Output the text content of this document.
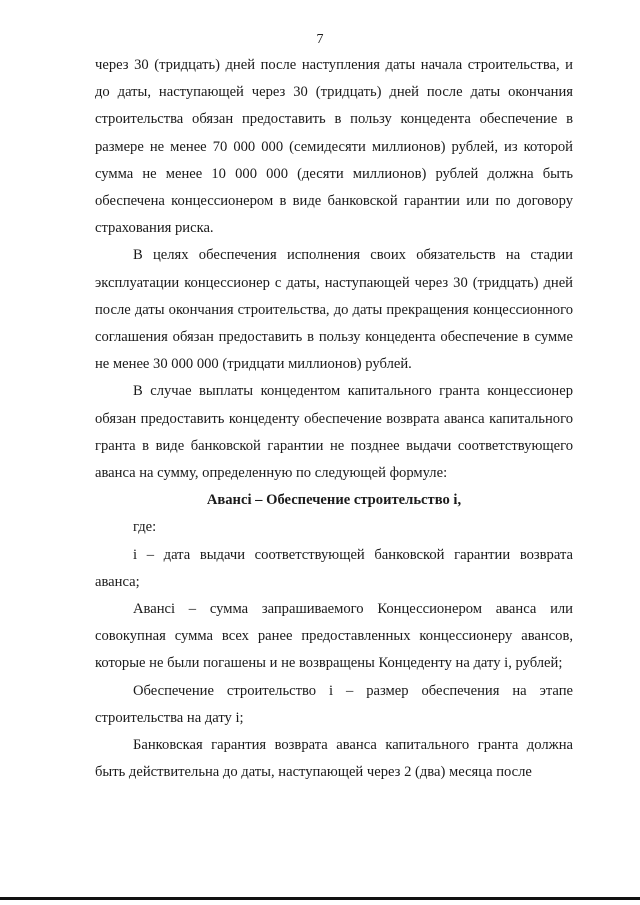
7

через 30 (тридцать) дней после наступления даты начала строительства, и до даты, наступающей через 30 (тридцать) дней после даты окончания строительства обязан предоставить в пользу концедента обеспечение в размере не менее 70 000 000 (семидесяти миллионов) рублей, из которой сумма не менее 10 000 000 (десяти миллионов) рублей должна быть обеспечена концессионером в виде банковской гарантии или по договору страхования риска.

В целях обеспечения исполнения своих обязательств на стадии эксплуатации концессионер с даты, наступающей через 30 (тридцать) дней после даты окончания строительства, до даты прекращения концессионного соглашения обязан предоставить в пользу концедента обеспечение в сумме не менее 30 000 000 (тридцати миллионов) рублей.

В случае выплаты концедентом капитального гранта концессионер обязан предоставить концеденту обеспечение возврата аванса капитального гранта в виде банковской гарантии не позднее выдачи соответствующего аванса на сумму, определенную по следующей формуле:

Авансi – Обеспечение строительство i,

где:

i – дата выдачи соответствующей банковской гарантии возврата аванса;

Авансi – сумма запрашиваемого Концессионером аванса или совокупная сумма всех ранее предоставленных концессионеру авансов, которые не были погашены и не возвращены Концеденту на дату i, рублей;

Обеспечение строительство i – размер обеспечения на этапе строительства на дату i;

Банковская гарантия возврата аванса капитального гранта должна быть действительна до даты, наступающей через 2 (два) месяца после
